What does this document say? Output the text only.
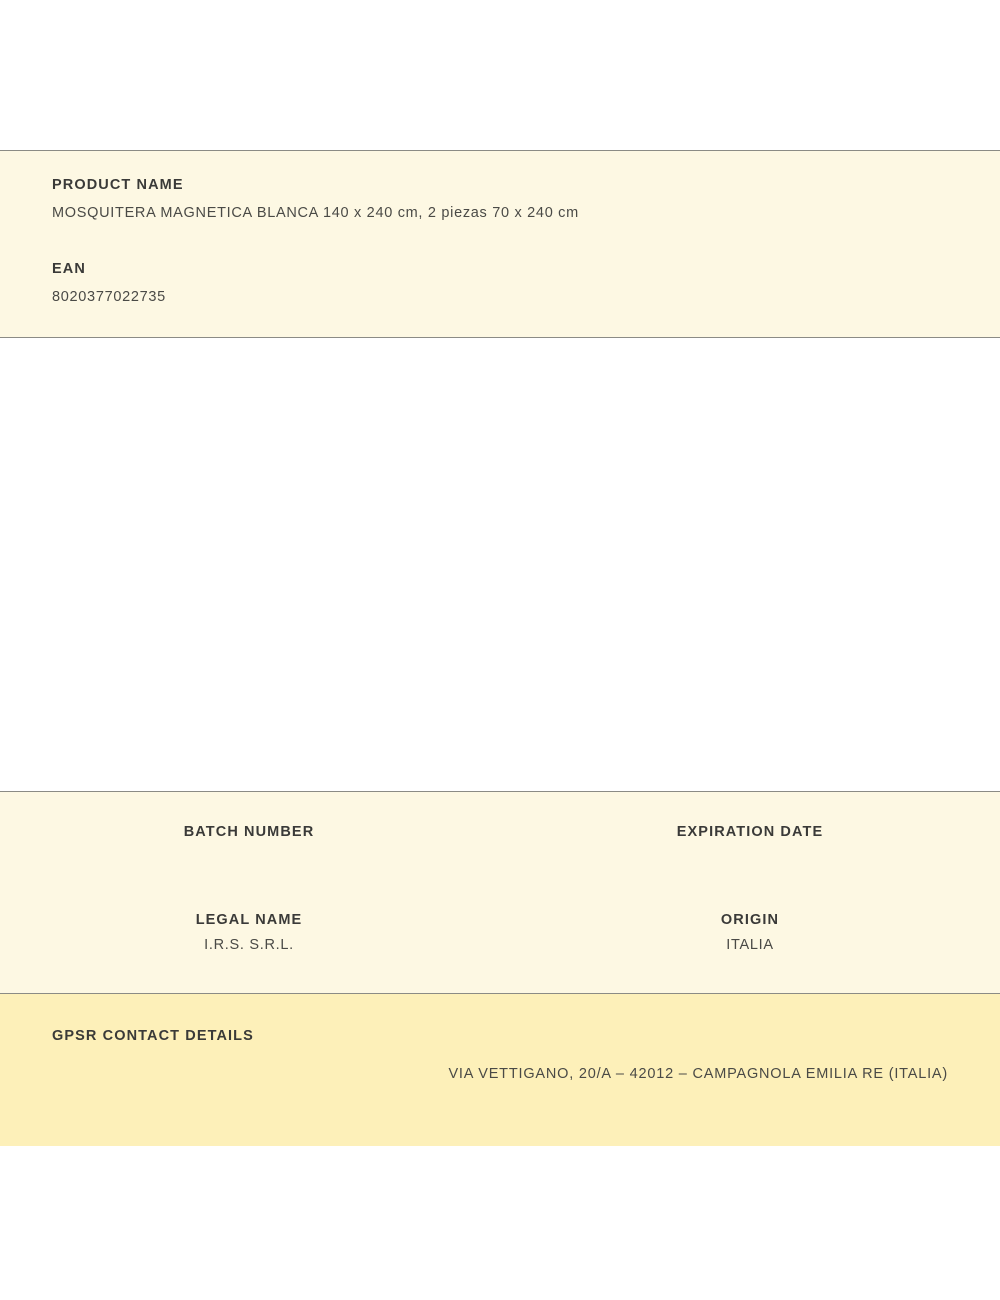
PRODUCT NAME

MOSQUITERA MAGNETICA BLANCA 140 x 240 cm, 2 piezas 70 x 240 cm

EAN

8020377022735

BATCH NUMBER	EXPIRATION DATE

LEGAL NAME

I.R.S. S.R.L.

ORIGIN

ITALIA

GPSR CONTACT DETAILS

VIA VETTIGANO, 20/A – 42012 – CAMPAGNOLA EMILIA RE (ITALIA)
